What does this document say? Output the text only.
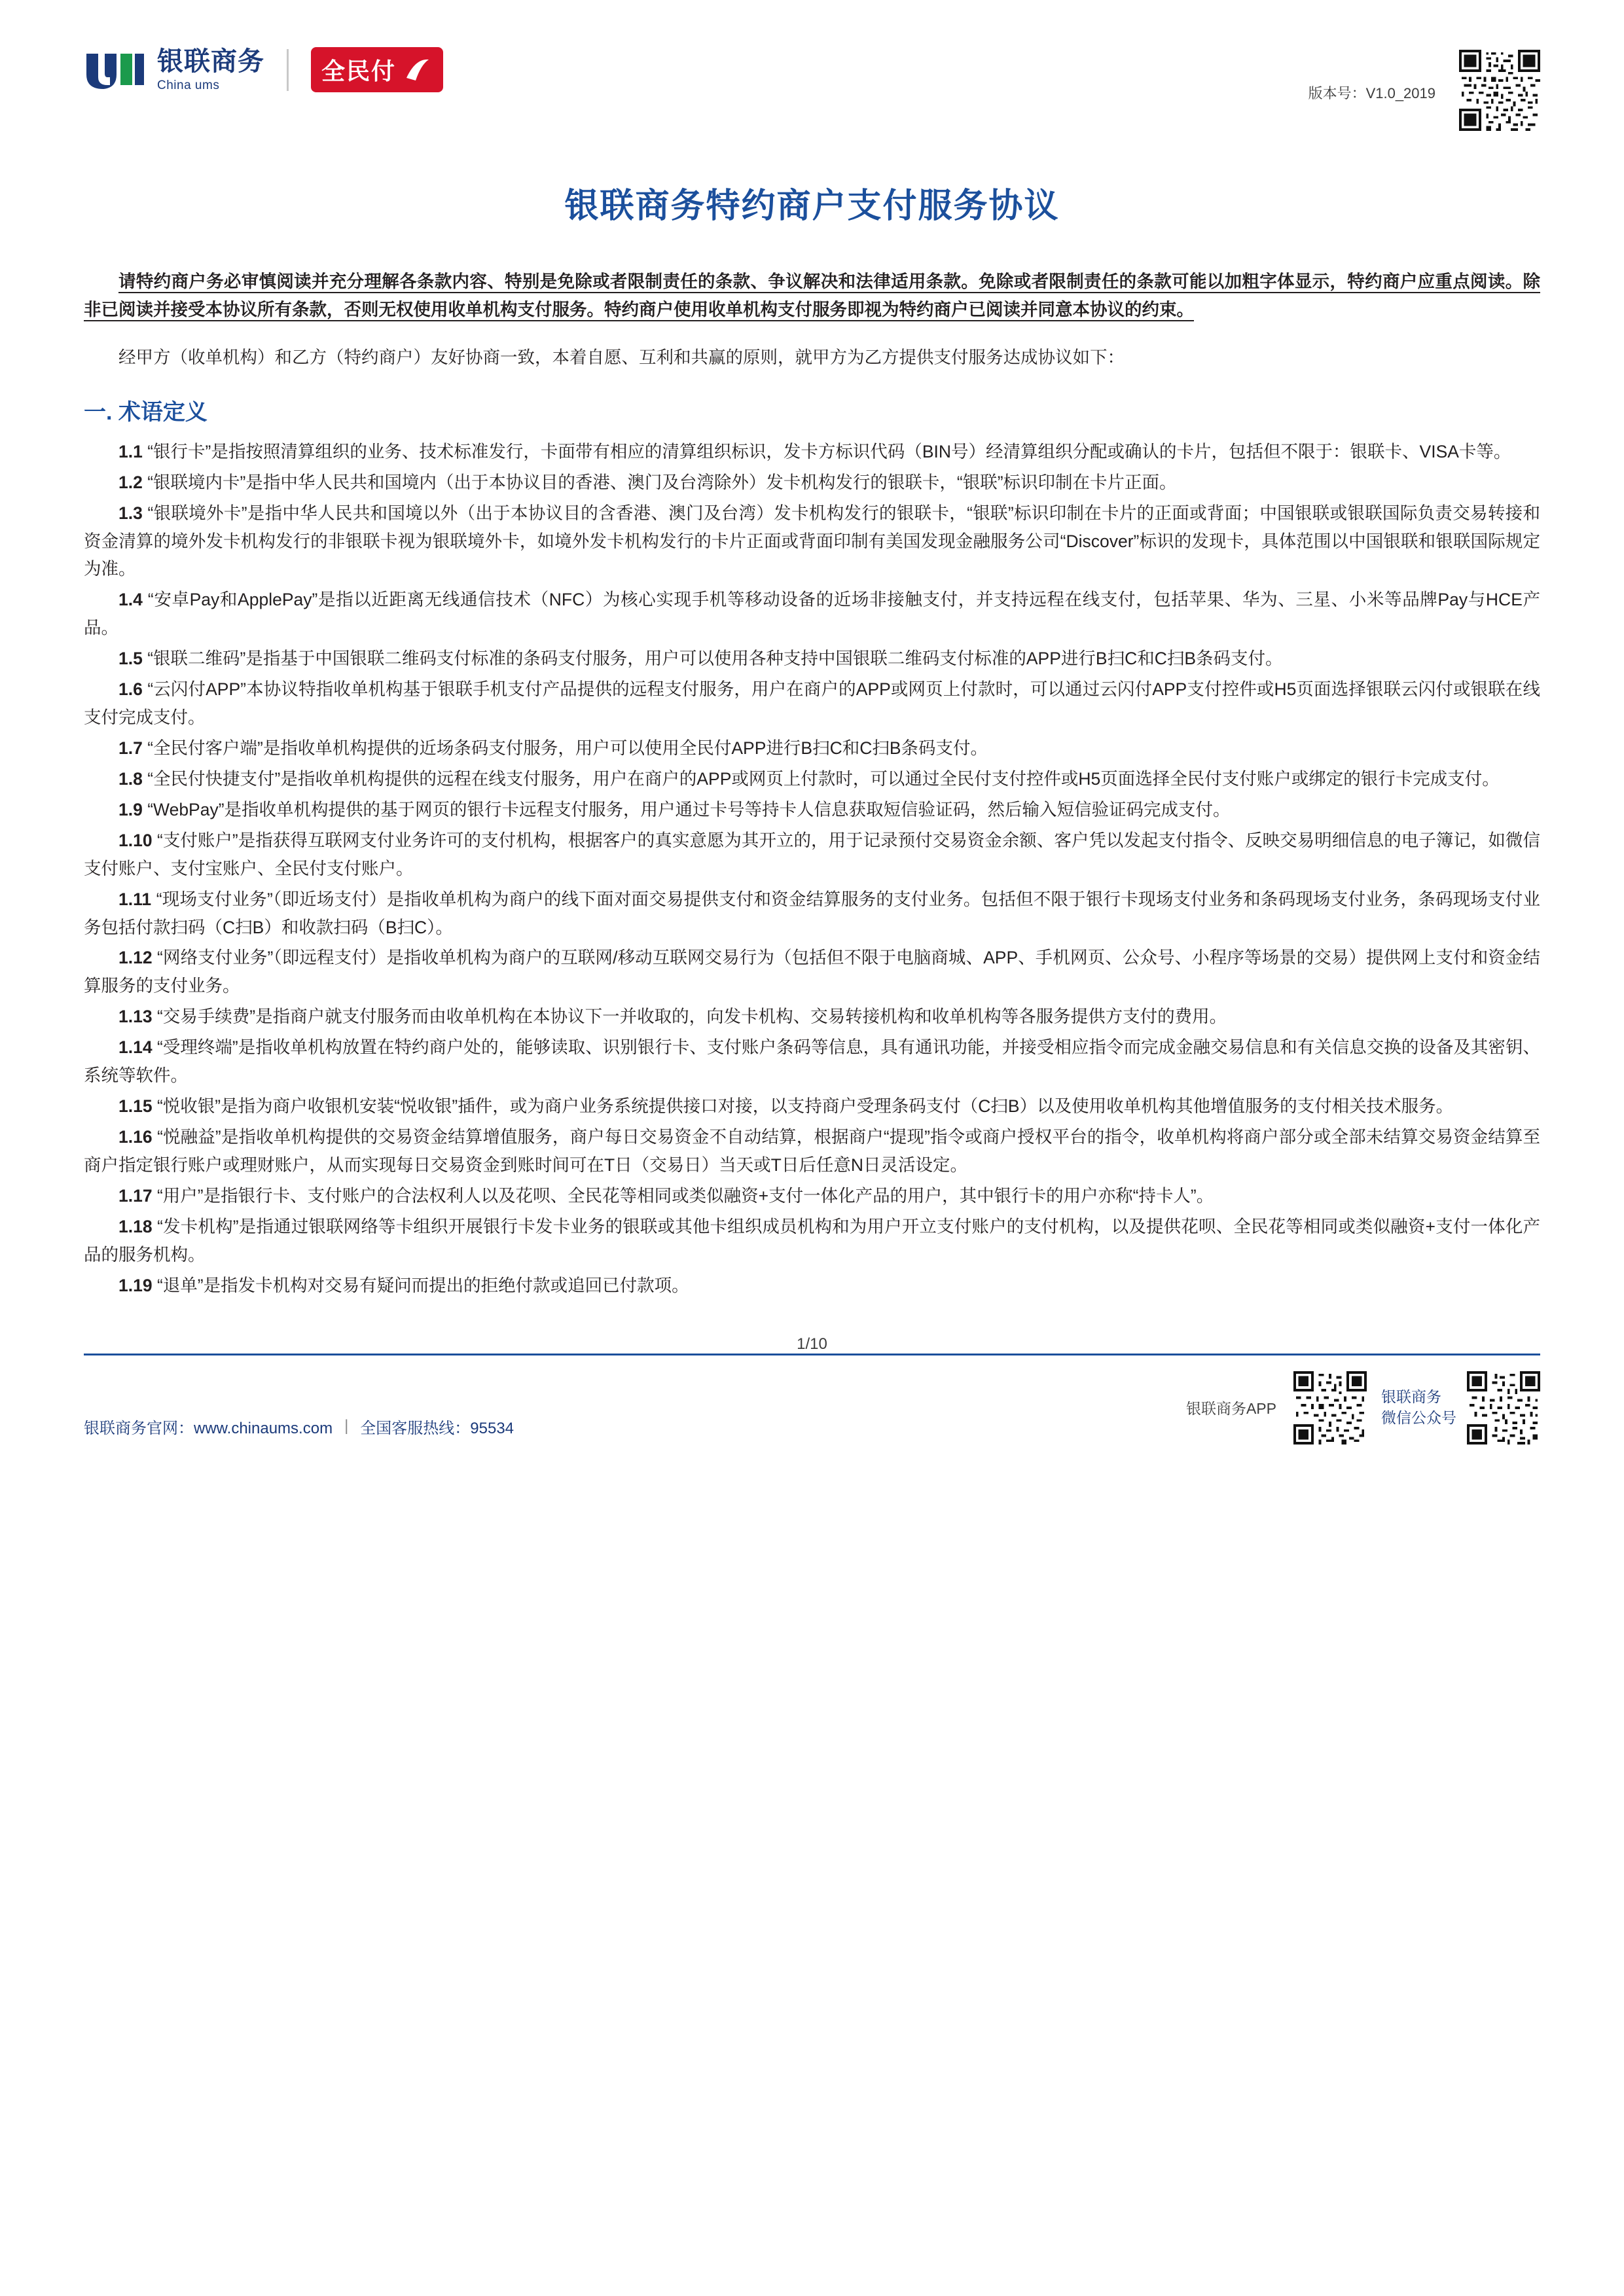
银联商务
China ums
全民付
版本号：V1.0_2019
银联商务特约商户支付服务协议

请特约商户务必审慎阅读并充分理解各条款内容、特别是免除或者限制责任的条款、争议解决和法律适用条款。免除或者限制责任的条款可能以加粗字体显示，特约商户应重点阅读。除非已阅读并接受本协议所有条款，否则无权使用收单机构支付服务。特约商户使用收单机构支付服务即视为特约商户已阅读并同意本协议的约束。

经甲方（收单机构）和乙方（特约商户）友好协商一致，本着自愿、互利和共赢的原则，就甲方为乙方提供支付服务达成协议如下：

一. 术语定义

1.1 “银行卡”是指按照清算组织的业务、技术标准发行，卡面带有相应的清算组织标识，发卡方标识代码（BIN号）经清算组织分配或确认的卡片，包括但不限于：银联卡、VISA卡等。

1.2 “银联境内卡”是指中华人民共和国境内（出于本协议目的香港、澳门及台湾除外）发卡机构发行的银联卡，“银联”标识印制在卡片正面。

1.3 “银联境外卡”是指中华人民共和国境以外（出于本协议目的含香港、澳门及台湾）发卡机构发行的银联卡，“银联”标识印制在卡片的正面或背面；中国银联或银联国际负责交易转接和资金清算的境外发卡机构发行的非银联卡视为银联境外卡，如境外发卡机构发行的卡片正面或背面印制有美国发现金融服务公司“Discover”标识的发现卡，具体范围以中国银联和银联国际规定为准。

1.4 “安卓Pay和ApplePay”是指以近距离无线通信技术（NFC）为核心实现手机等移动设备的近场非接触支付，并支持远程在线支付，包括苹果、华为、三星、小米等品牌Pay与HCE产品。

1.5 “银联二维码”是指基于中国银联二维码支付标准的条码支付服务，用户可以使用各种支持中国银联二维码支付标准的APP进行B扫C和C扫B条码支付。

1.6 “云闪付APP”本协议特指收单机构基于银联手机支付产品提供的远程支付服务，用户在商户的APP或网页上付款时，可以通过云闪付APP支付控件或H5页面选择银联云闪付或银联在线支付完成支付。

1.7 “全民付客户端”是指收单机构提供的近场条码支付服务，用户可以使用全民付APP进行B扫C和C扫B条码支付。

1.8 “全民付快捷支付”是指收单机构提供的远程在线支付服务，用户在商户的APP或网页上付款时，可以通过全民付支付控件或H5页面选择全民付支付账户或绑定的银行卡完成支付。

1.9 “WebPay”是指收单机构提供的基于网页的银行卡远程支付服务，用户通过卡号等持卡人信息获取短信验证码，然后输入短信验证码完成支付。

1.10 “支付账户”是指获得互联网支付业务许可的支付机构，根据客户的真实意愿为其开立的，用于记录预付交易资金余额、客户凭以发起支付指令、反映交易明细信息的电子簿记，如微信支付账户、支付宝账户、全民付支付账户。

1.11 “现场支付业务”（即近场支付）是指收单机构为商户的线下面对面交易提供支付和资金结算服务的支付业务。包括但不限于银行卡现场支付业务和条码现场支付业务，条码现场支付业务包括付款扫码（C扫B）和收款扫码（B扫C）。

1.12 “网络支付业务”（即远程支付）是指收单机构为商户的互联网/移动互联网交易行为（包括但不限于电脑商城、APP、手机网页、公众号、小程序等场景的交易）提供网上支付和资金结算服务的支付业务。

1.13 “交易手续费”是指商户就支付服务而由收单机构在本协议下一并收取的，向发卡机构、交易转接机构和收单机构等各服务提供方支付的费用。

1.14 “受理终端”是指收单机构放置在特约商户处的，能够读取、识别银行卡、支付账户条码等信息，具有通讯功能，并接受相应指令而完成金融交易信息和有关信息交换的设备及其密钥、系统等软件。

1.15 “悦收银”是指为商户收银机安装“悦收银”插件，或为商户业务系统提供接口对接，以支持商户受理条码支付（C扫B）以及使用收单机构其他增值服务的支付相关技术服务。

1.16 “悦融益”是指收单机构提供的交易资金结算增值服务，商户每日交易资金不自动结算，根据商户“提现”指令或商户授权平台的指令，收单机构将商户部分或全部未结算交易资金结算至商户指定银行账户或理财账户，从而实现每日交易资金到账时间可在T日（交易日）当天或T日后任意N日灵活设定。

1.17 “用户”是指银行卡、支付账户的合法权利人以及花呗、全民花等相同或类似融资+支付一体化产品的用户，其中银行卡的用户亦称“持卡人”。

1.18 “发卡机构”是指通过银联网络等卡组织开展银行卡发卡业务的银联或其他卡组织成员机构和为用户开立支付账户的支付机构，以及提供花呗、全民花等相同或类似融资+支付一体化产品的服务机构。

1.19 “退单”是指发卡机构对交易有疑问而提出的拒绝付款或追回已付款项。

1/10
银联商务官网：www.chinaums.com | 全国客服热线：95534
银联商务APP
银联商务
微信公众号
